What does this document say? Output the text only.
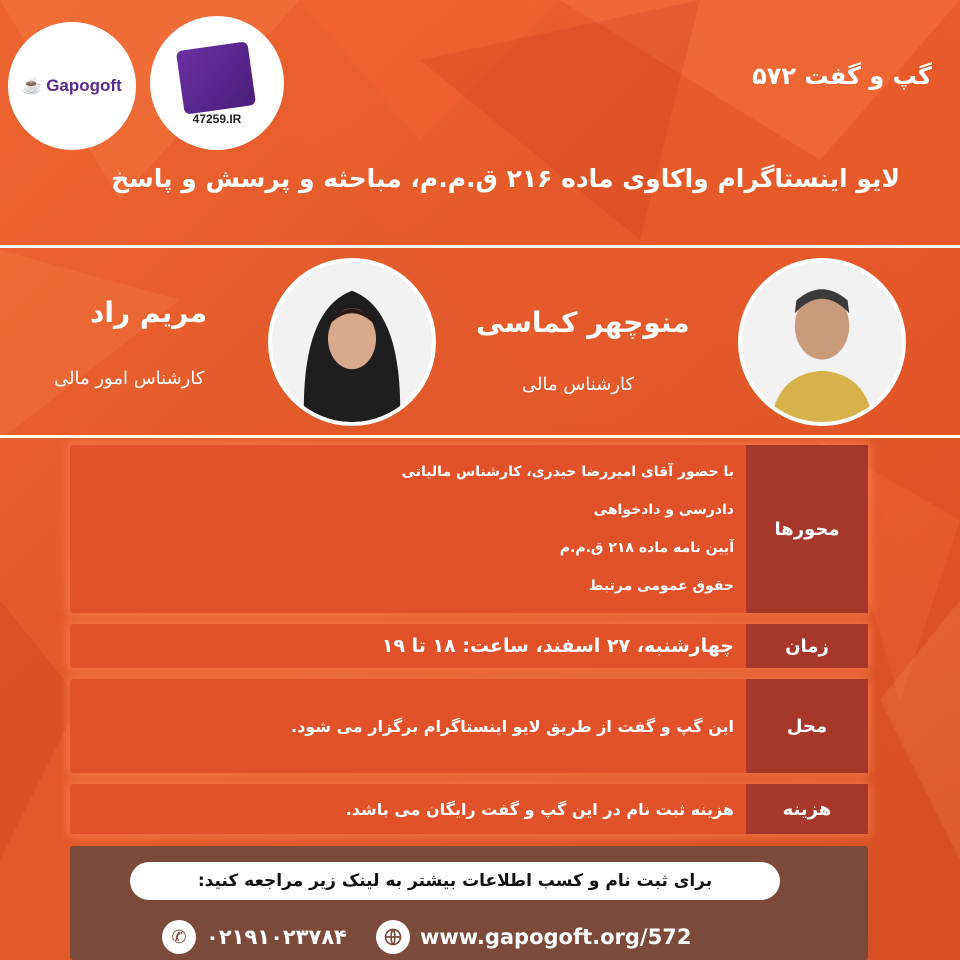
☕ Gapogoft
47259.IR
گپ و گفت ۵۷۲
لایو اینستاگرام واکاوی ماده ۲۱۶ ق.م.م، مباحثه و پرسش و پاسخ
منوچهر کماسی
کارشناس مالی
مریم راد
کارشناس امور مالی
محورها
با حضور آقای امیررضا حیدری، کارشناس مالیاتی
دادرسی و دادخواهی
آیین نامه ماده ۲۱۸ ق.م.م
حقوق عمومی مرتبط
زمان
چهارشنبه، ۲۷ اسفند، ساعت: ۱۸ تا ۱۹
محل
این گپ و گفت از طریق لایو اینستاگرام برگزار می شود.
هزینه
هزینه ثبت نام در این گپ و گفت رایگان می باشد.
برای ثبت نام و کسب اطلاعات بیشتر به لینک زیر مراجعه کنید:
✆ ۰۲۱۹۱۰۲۳۷۸۴	www.gapogoft.org/572
